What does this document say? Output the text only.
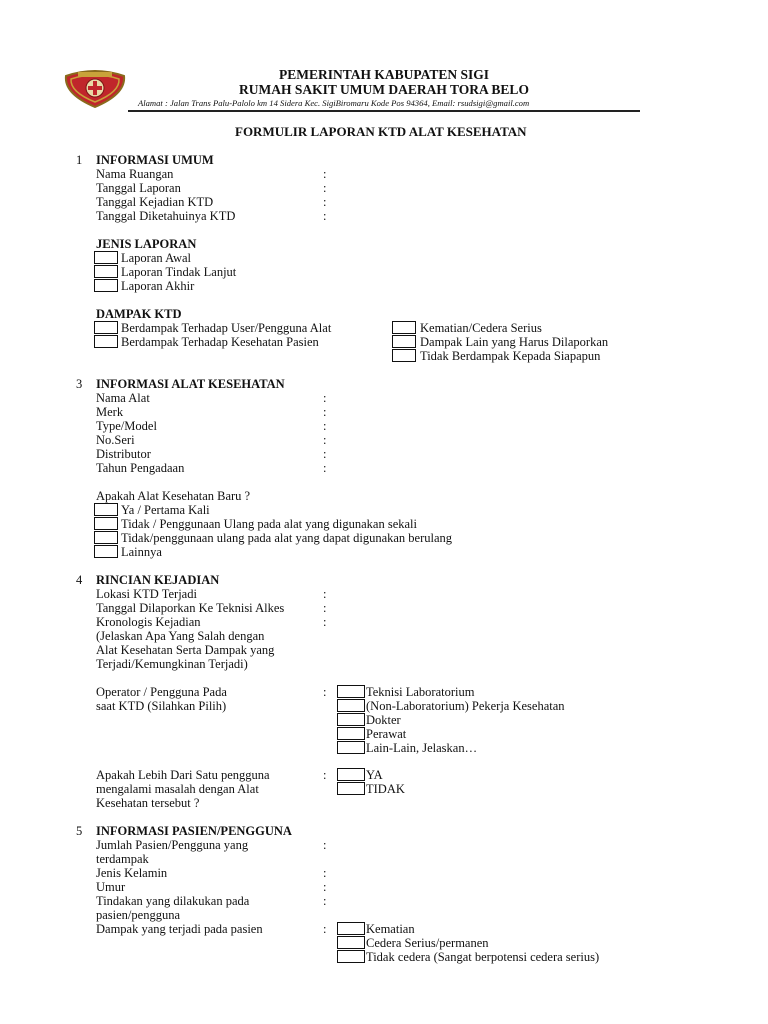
PEMERINTAH KABUPATEN SIGI
RUMAH SAKIT UMUM DAERAH TORA BELO
Alamat : Jalan Trans Palu-Palolo km 14 Sidera Kec. SigiBiromaru Kode Pos 94364, Email: rsudsigi@gmail.com
FORMULIR LAPORAN KTD ALAT KESEHATAN
1 INFORMASI UMUM
Nama Ruangan	:
Tanggal Laporan	:
Tanggal Kejadian KTD	:
Tanggal Diketahuinya KTD	:
JENIS LAPORAN
Laporan Awal
Laporan Tindak Lanjut
Laporan Akhir
DAMPAK KTD
Berdampak Terhadap User/Pengguna Alat
Berdampak Terhadap Kesehatan Pasien
Kematian/Cedera Serius
Dampak Lain yang Harus Dilaporkan
Tidak Berdampak Kepada Siapapun
3 INFORMASI ALAT KESEHATAN
Nama Alat	:
Merk	:
Type/Model	:
No.Seri	:
Distributor	:
Tahun Pengadaan	:
Apakah Alat Kesehatan Baru ?
Ya / Pertama Kali
Tidak / Penggunaan Ulang pada alat yang digunakan sekali
Tidak/penggunaan ulang pada alat yang dapat digunakan berulang
Lainnya
4 RINCIAN KEJADIAN
Lokasi KTD Terjadi	:
Tanggal Dilaporkan Ke Teknisi Alkes	:
Kronologis Kejadian	:
(Jelaskan Apa Yang Salah dengan
Alat Kesehatan Serta Dampak yang
Terjadi/Kemungkinan Terjadi)
Operator / Pengguna Pada
saat KTD (Silahkan Pilih)
:	Teknisi Laboratorium
(Non-Laboratorium) Pekerja Kesehatan
Dokter
Perawat
Lain-Lain, Jelaskan…
Apakah Lebih Dari Satu pengguna
mengalami masalah dengan Alat
Kesehatan tersebut ?
:	YA
TIDAK
5 INFORMASI PASIEN/PENGGUNA
Jumlah Pasien/Pengguna yang	:
terdampak
Jenis Kelamin	:
Umur	:
Tindakan yang dilakukan pada	:
pasien/pengguna
Dampak yang terjadi pada pasien	:	Kematian
Cedera Serius/permanen
Tidak cedera (Sangat berpotensi cedera serius)
